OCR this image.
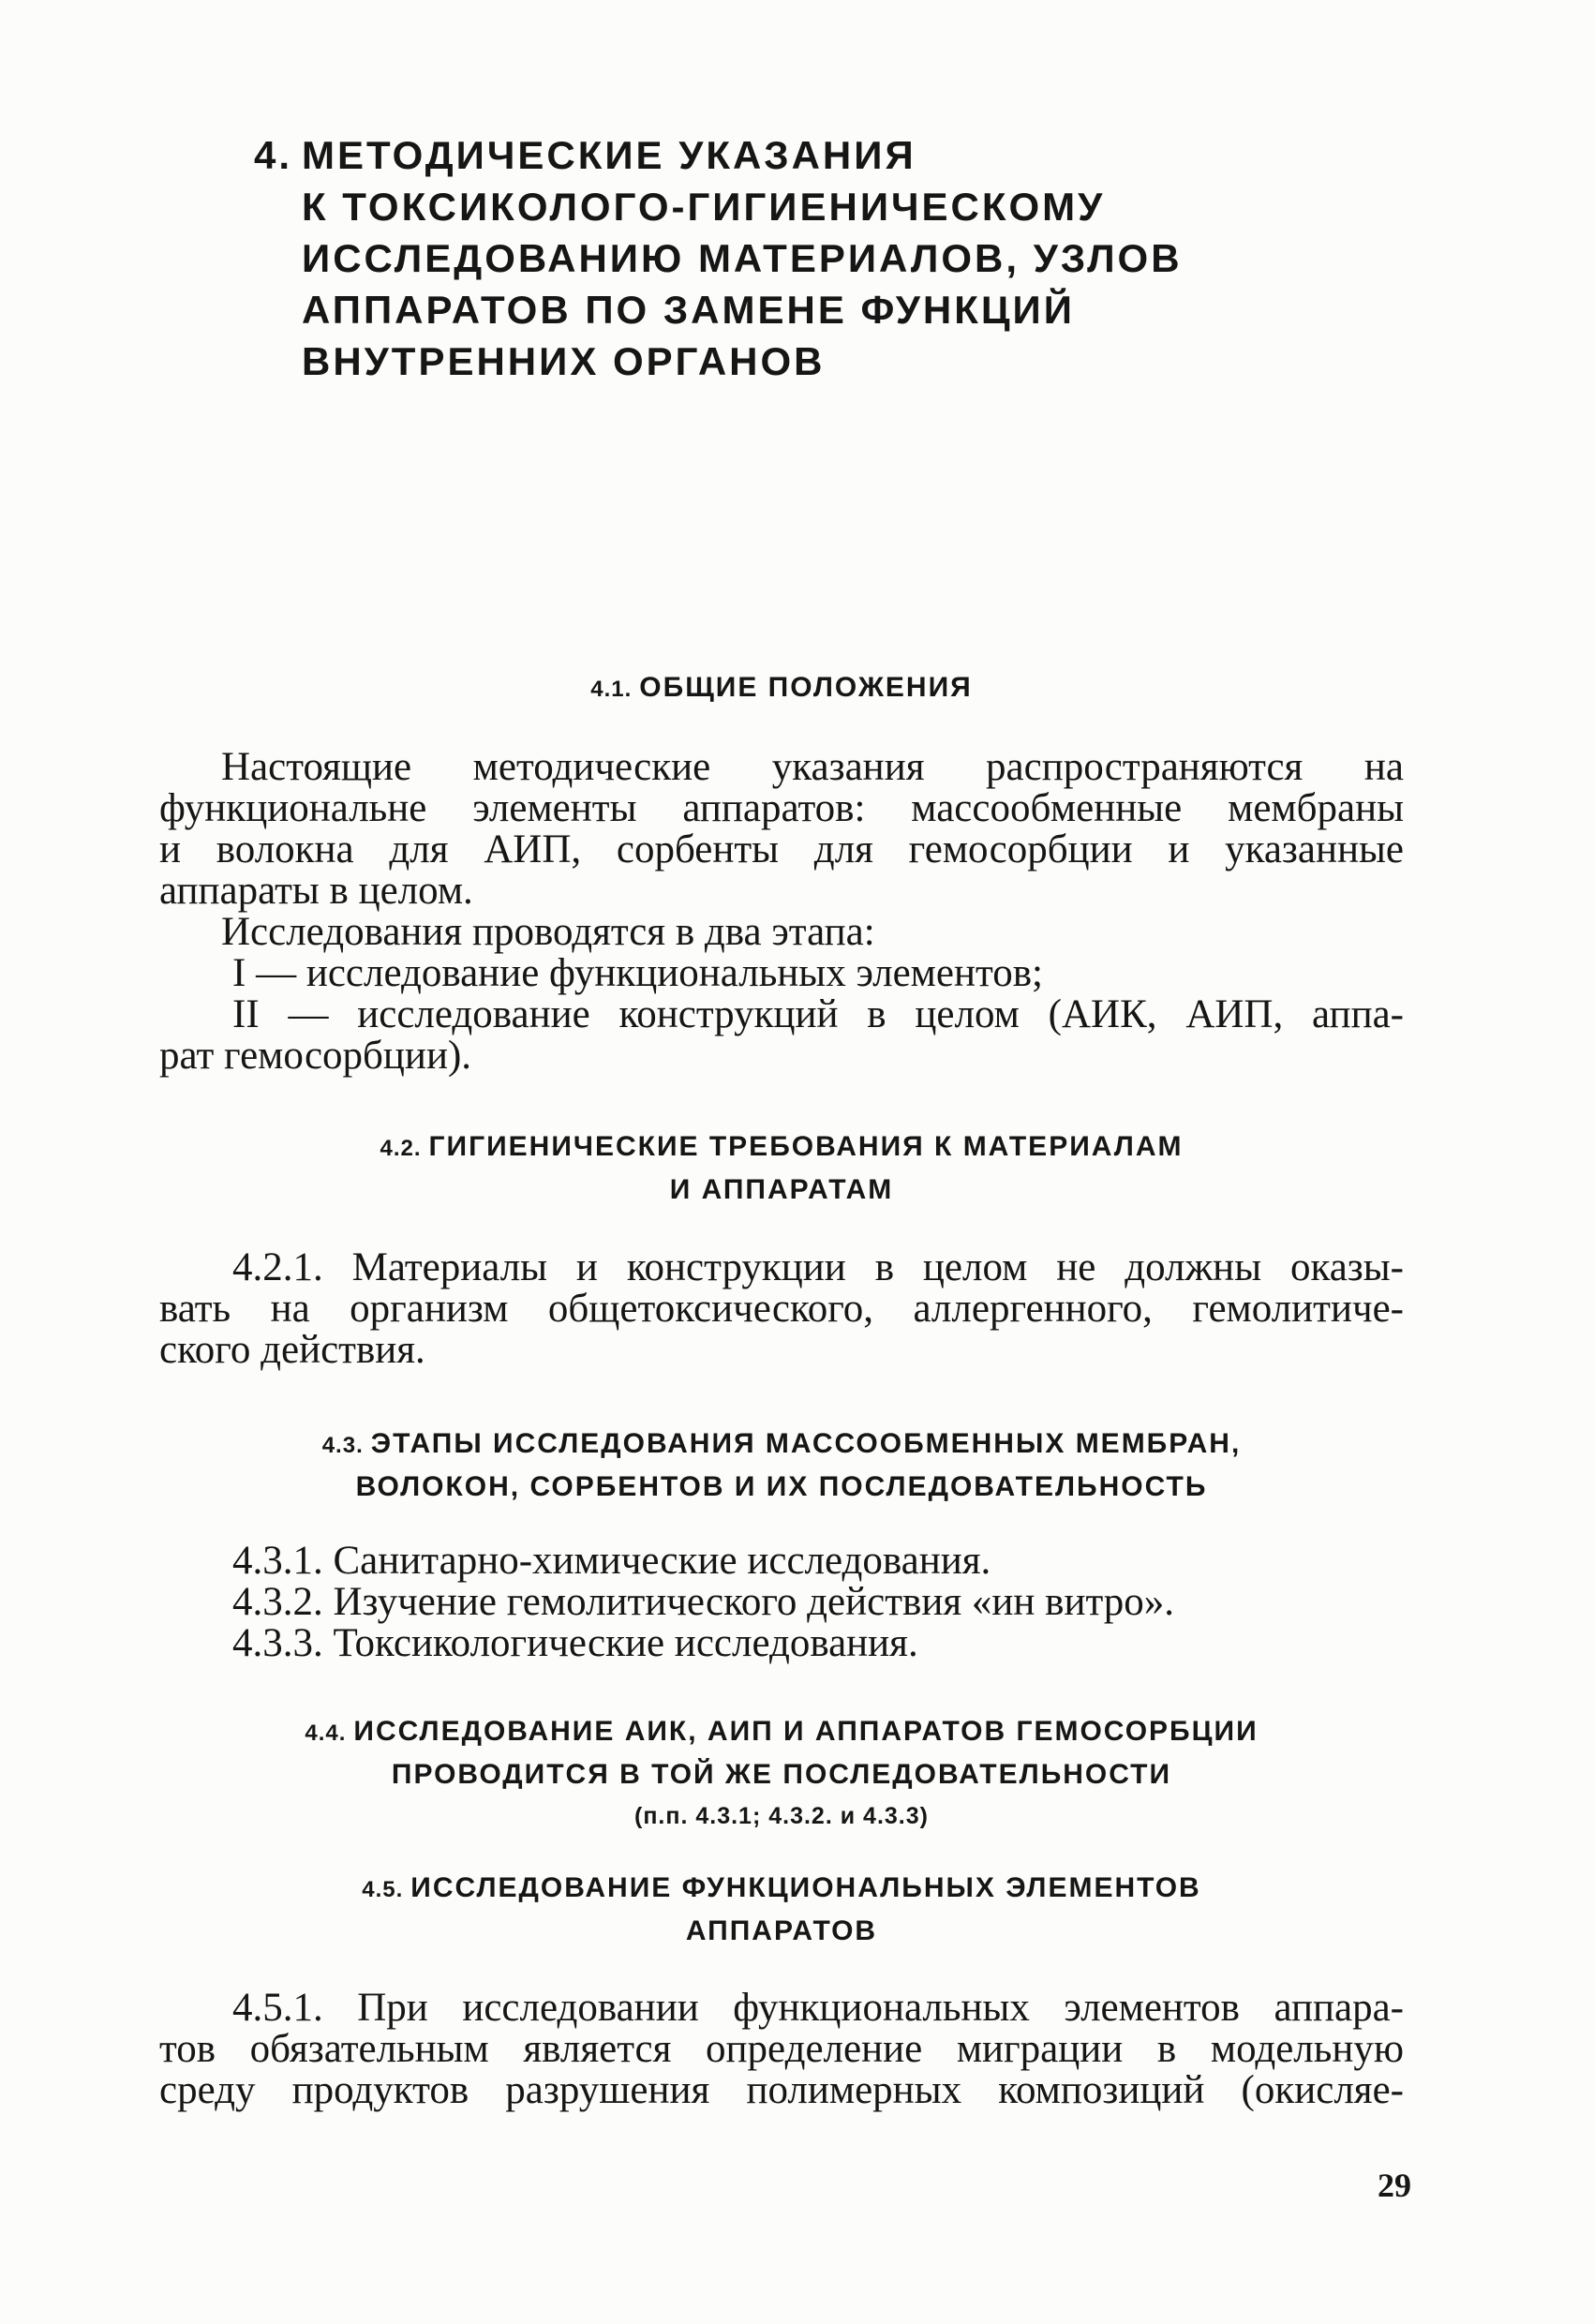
4. МЕТОДИЧЕСКИЕ УКАЗАНИЯ
К ТОКСИКОЛОГО-ГИГИЕНИЧЕСКОМУ
ИССЛЕДОВАНИЮ МАТЕРИАЛОВ, УЗЛОВ
АППАРАТОВ ПО ЗАМЕНЕ ФУНКЦИЙ
ВНУТРЕННИХ ОРГАНОВ
4.1. ОБЩИЕ ПОЛОЖЕНИЯ
Настоящие методические указания распространяются на
функциональне элементы аппаратов: массообменные мембраны
и волокна для АИП, сорбенты для гемосорбции и указанные
аппараты в целом.
Исследования проводятся в два этапа:
I — исследование функциональных элементов;
II — исследование конструкций в целом (АИК, АИП, аппа-
рат гемосорбции).
4.2. ГИГИЕНИЧЕСКИЕ ТРЕБОВАНИЯ К МАТЕРИАЛАМ
И АППАРАТАМ
4.2.1. Материалы и конструкции в целом не должны оказы-
вать на организм общетоксического, аллергенного, гемолитиче-
ского действия.
4.3. ЭТАПЫ ИССЛЕДОВАНИЯ МАССООБМЕННЫХ МЕМБРАН,
ВОЛОКОН, СОРБЕНТОВ И ИХ ПОСЛЕДОВАТЕЛЬНОСТЬ
4.3.1. Санитарно-химические исследования.
4.3.2. Изучение гемолитического действия «ин витро».
4.3.3. Токсикологические исследования.
4.4. ИССЛЕДОВАНИЕ АИК, АИП И АППАРАТОВ ГЕМОСОРБЦИИ
ПРОВОДИТСЯ В ТОЙ ЖЕ ПОСЛЕДОВАТЕЛЬНОСТИ
(п.п. 4.3.1; 4.3.2. и 4.3.3)
4.5. ИССЛЕДОВАНИЕ ФУНКЦИОНАЛЬНЫХ ЭЛЕМЕНТОВ
АППАРАТОВ
4.5.1. При исследовании функциональных элементов аппара-
тов обязательным является определение миграции в модельную
среду продуктов разрушения полимерных композиций (окисляе-
29
